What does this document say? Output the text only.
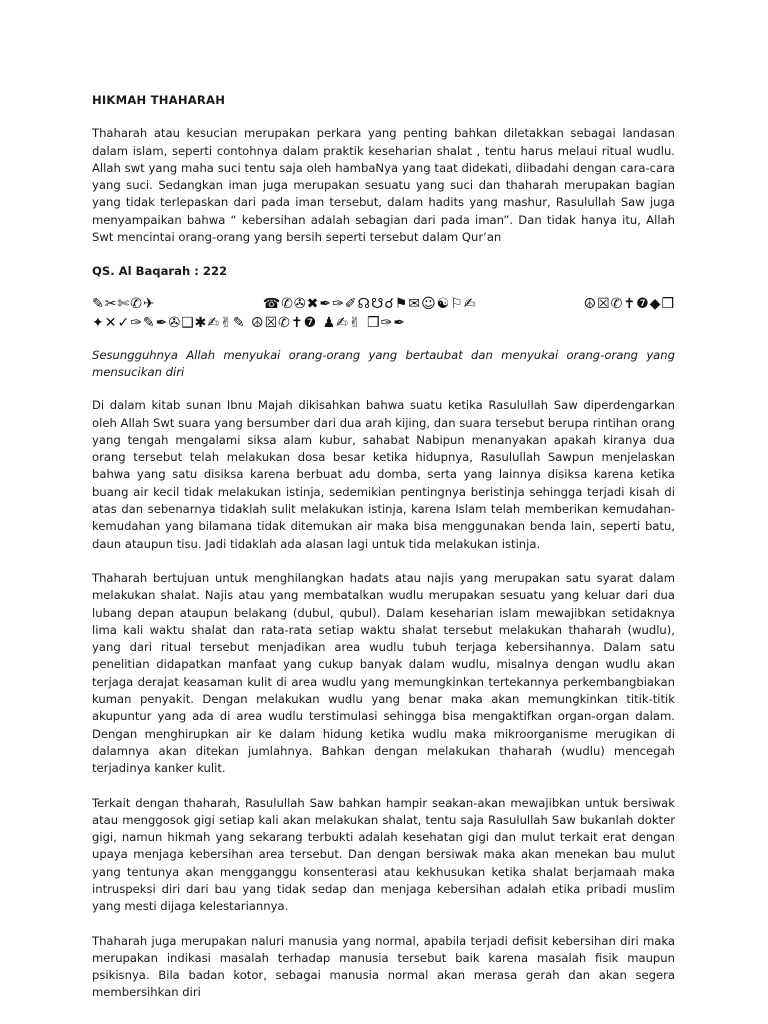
HIKMAH THAHARAH
Thaharah atau kesucian merupakan perkara yang penting bahkan diletakkan sebagai landasan dalam islam, seperti contohnya dalam praktik keseharian shalat , tentu harus melaui ritual wudlu. Allah swt yang maha suci tentu saja oleh hambaNya yang taat didekati, diibadahi dengan cara-cara yang suci. Sedangkan iman juga merupakan sesuatu yang suci dan thaharah merupakan bagian yang tidak terlepaskan dari pada iman tersebut, dalam hadits yang mashur, Rasulullah Saw juga menyampaikan bahwa “ kebersihan adalah sebagian dari pada iman”. Dan tidak hanya itu, Allah Swt mencintai orang-orang yang bersih seperti tersebut dalam Qur’an
QS. Al Baqarah : 222
✎✂✄✆✈	☎✆✇✖✒✑✐☊☋☌⚑✉☺☯⚐✍	☮☒✆✝❼◆❒
✦✕✓✑✎✒✇❑✱✍✌✎ ☮☒✆✝❼ ♟✍✌ ❒✑✒
Sesungguhnya Allah menyukai orang-orang yang bertaubat dan menyukai orang-orang yang mensucikan diri
Di dalam kitab sunan Ibnu Majah dikisahkan bahwa suatu ketika Rasulullah Saw diperdengarkan oleh Allah Swt suara yang bersumber dari dua arah kijing, dan suara tersebut berupa rintihan orang yang tengah mengalami siksa alam kubur, sahabat Nabipun menanyakan apakah kiranya dua orang tersebut telah melakukan dosa besar ketika hidupnya, Rasulullah Sawpun menjelaskan bahwa yang satu disiksa karena berbuat adu domba, serta yang lainnya disiksa karena ketika buang air kecil tidak melakukan istinja, sedemikian pentingnya beristinja sehingga terjadi kisah di atas dan sebenarnya tidaklah sulit melakukan istinja, karena Islam telah memberikan kemudahan-kemudahan yang bilamana tidak ditemukan air maka bisa menggunakan benda lain, seperti batu, daun ataupun tisu. Jadi tidaklah ada alasan lagi untuk tida melakukan istinja.
Thaharah bertujuan untuk menghilangkan hadats atau najis yang merupakan satu syarat dalam melakukan shalat. Najis atau yang membatalkan wudlu merupakan sesuatu yang keluar dari dua lubang depan ataupun belakang (dubul, qubul). Dalam keseharian islam mewajibkan setidaknya lima kali waktu shalat dan rata-rata setiap waktu shalat tersebut melakukan thaharah (wudlu), yang dari ritual tersebut menjadikan area wudlu tubuh terjaga kebersihannya. Dalam satu penelitian didapatkan manfaat yang cukup banyak dalam wudlu, misalnya dengan wudlu akan terjaga derajat keasaman kulit di area wudlu yang memungkinkan tertekannya perkembangbiakan kuman penyakit. Dengan melakukan wudlu yang benar maka akan memungkinkan titik-titik akupuntur yang ada di area wudlu terstimulasi sehingga bisa mengaktifkan organ-organ dalam. Dengan menghirupkan air ke dalam hidung ketika wudlu maka mikroorganisme merugikan di dalamnya akan ditekan jumlahnya. Bahkan dengan melakukan thaharah (wudlu) mencegah terjadinya kanker kulit.
Terkait dengan thaharah, Rasulullah Saw bahkan hampir seakan-akan mewajibkan untuk bersiwak atau menggosok gigi setiap kali akan melakukan shalat, tentu saja Rasulullah Saw bukanlah dokter gigi, namun hikmah yang sekarang terbukti adalah kesehatan gigi dan mulut terkait erat dengan upaya menjaga kebersihan area tersebut. Dan dengan bersiwak maka akan menekan bau mulut yang tentunya akan mengganggu konsenterasi atau kekhusukan ketika shalat berjamaah maka intruspeksi diri dari bau yang tidak sedap dan menjaga kebersihan adalah etika pribadi muslim yang mesti dijaga kelestariannya.
Thaharah juga merupakan naluri manusia yang normal, apabila terjadi defisit kebersihan diri maka merupakan indikasi masalah terhadap manusia tersebut baik karena masalah fisik maupun psikisnya. Bila badan kotor, sebagai manusia normal akan merasa gerah dan akan segera membersihkan diri
